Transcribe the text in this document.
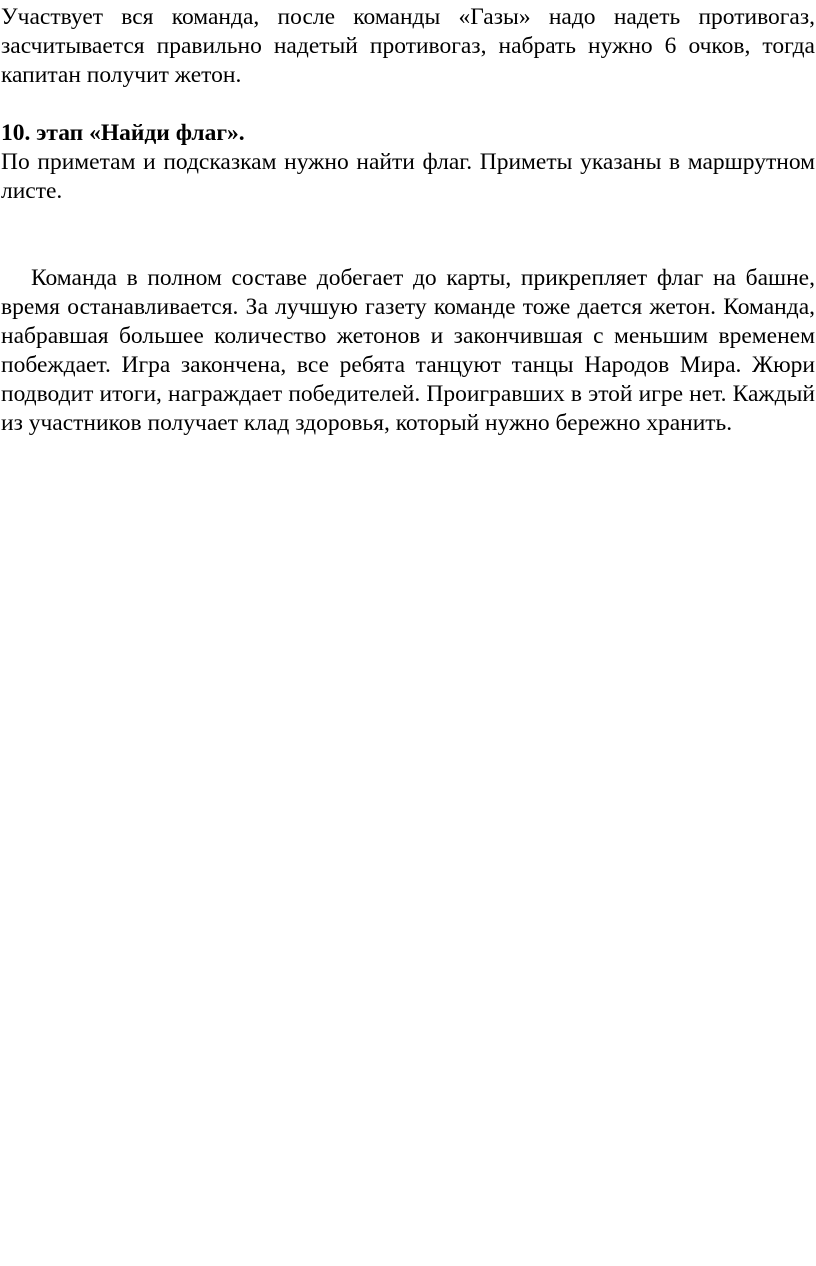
Участвует вся команда, после команды «Газы» надо надеть противогаз, засчитывается правильно надетый противогаз, набрать нужно 6 очков, тогда капитан получит жетон.

10. этап «Найди флаг».

По приметам и подсказкам нужно найти флаг. Приметы указаны в маршрутном листе.

Команда в полном составе добегает до карты, прикрепляет флаг на башне, время останавливается. За лучшую газету команде тоже дается жетон. Команда, набравшая большее количество жетонов и закончившая с меньшим временем побеждает. Игра закончена, все ребята танцуют танцы Народов Мира. Жюри подводит итоги, награждает победителей. Проигравших в этой игре нет. Каждый из участников получает клад здоровья, который нужно бережно хранить.
